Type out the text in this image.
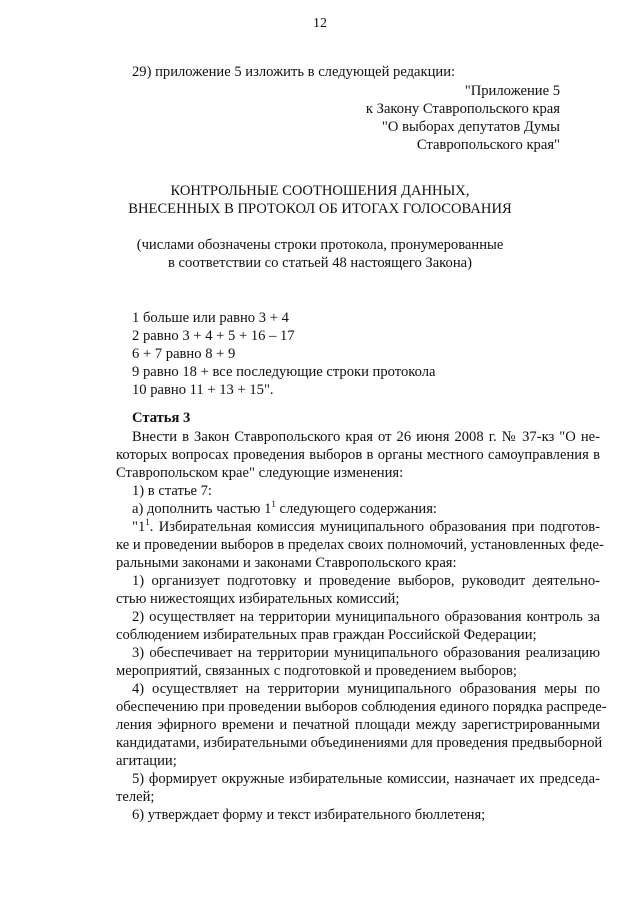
12
29) приложение 5 изложить в следующей редакции:
"Приложение 5
к Закону Ставропольского края
"О выборах депутатов Думы
Ставропольского края"
КОНТРОЛЬНЫЕ СООТНОШЕНИЯ ДАННЫХ,
ВНЕСЕННЫХ В ПРОТОКОЛ ОБ ИТОГАХ ГОЛОСОВАНИЯ
(числами обозначены строки протокола, пронумерованные
в соответствии со статьей 48 настоящего Закона)
1 больше или равно 3 + 4
2 равно 3 + 4 + 5 + 16 – 17
6 + 7 равно 8 + 9
9 равно 18 + все последующие строки протокола
10 равно 11 + 13 + 15".
Статья 3
Внести в Закон Ставропольского края от 26 июня 2008 г. № 37-кз "О не-
которых вопросах проведения выборов в органы местного самоуправления в
Ставропольском крае" следующие изменения:
1) в статье 7:
а) дополнить частью $1^1$ следующего содержания:
"$1^1$. Избирательная комиссия муниципального образования при подготов-
ке и проведении выборов в пределах своих полномочий, установленных феде-
ральными законами и законами Ставропольского края:
1) организует подготовку и проведение выборов, руководит деятельно-
стью нижестоящих избирательных комиссий;
2) осуществляет на территории муниципального образования контроль за
соблюдением избирательных прав граждан Российской Федерации;
3) обеспечивает на территории муниципального образования реализацию
мероприятий, связанных с подготовкой и проведением выборов;
4) осуществляет на территории муниципального образования меры по
обеспечению при проведении выборов соблюдения единого порядка распреде-
ления эфирного времени и печатной площади между зарегистрированными
кандидатами, избирательными объединениями для проведения предвыборной
агитации;
5) формирует окружные избирательные комиссии, назначает их председа-
телей;
6) утверждает форму и текст избирательного бюллетеня;
